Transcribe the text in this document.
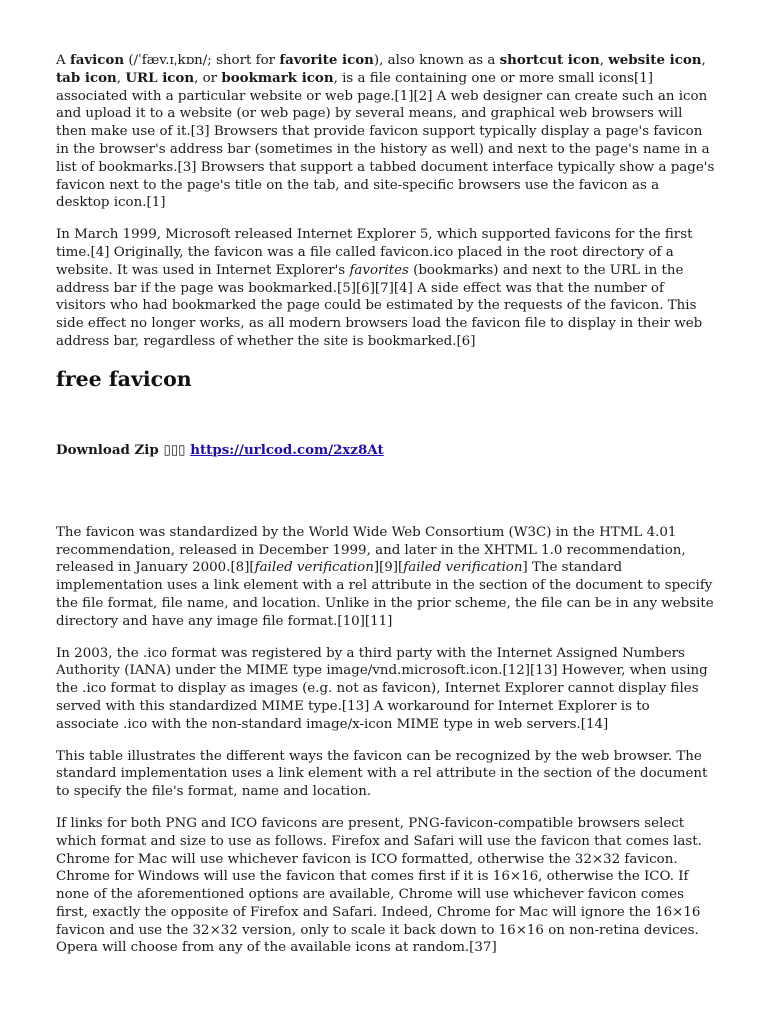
A favicon (/ˈfæv.ɪˌkɒn/; short for favorite icon), also known as a shortcut icon, website icon, tab icon, URL icon, or bookmark icon, is a file containing one or more small icons[1] associated with a particular website or web page.[1][2] A web designer can create such an icon and upload it to a website (or web page) by several means, and graphical web browsers will then make use of it.[3] Browsers that provide favicon support typically display a page's favicon in the browser's address bar (sometimes in the history as well) and next to the page's name in a list of bookmarks.[3] Browsers that support a tabbed document interface typically show a page's favicon next to the page's title on the tab, and site-specific browsers use the favicon as a desktop icon.[1]

In March 1999, Microsoft released Internet Explorer 5, which supported favicons for the first time.[4] Originally, the favicon was a file called favicon.ico placed in the root directory of a website. It was used in Internet Explorer's favorites (bookmarks) and next to the URL in the address bar if the page was bookmarked.[5][6][7][4] A side effect was that the number of visitors who had bookmarked the page could be estimated by the requests of the favicon. This side effect no longer works, as all modern browsers load the favicon file to display in their web address bar, regardless of whether the site is bookmarked.[6]

free favicon
Download Zip ▯▯▯ https://urlcod.com/2xz8At

The favicon was standardized by the World Wide Web Consortium (W3C) in the HTML 4.01 recommendation, released in December 1999, and later in the XHTML 1.0 recommendation, released in January 2000.[8][failed verification][9][failed verification] The standard implementation uses a link element with a rel attribute in the section of the document to specify the file format, file name, and location. Unlike in the prior scheme, the file can be in any website directory and have any image file format.[10][11]

In 2003, the .ico format was registered by a third party with the Internet Assigned Numbers Authority (IANA) under the MIME type image/vnd.microsoft.icon.[12][13] However, when using the .ico format to display as images (e.g. not as favicon), Internet Explorer cannot display files served with this standardized MIME type.[13] A workaround for Internet Explorer is to associate .ico with the non-standard image/x-icon MIME type in web servers.[14]

This table illustrates the different ways the favicon can be recognized by the web browser. The standard implementation uses a link element with a rel attribute in the section of the document to specify the file's format, name and location.

If links for both PNG and ICO favicons are present, PNG-favicon-compatible browsers select which format and size to use as follows. Firefox and Safari will use the favicon that comes last. Chrome for Mac will use whichever favicon is ICO formatted, otherwise the 32×32 favicon. Chrome for Windows will use the favicon that comes first if it is 16×16, otherwise the ICO. If none of the aforementioned options are available, Chrome will use whichever favicon comes first, exactly the opposite of Firefox and Safari. Indeed, Chrome for Mac will ignore the 16×16 favicon and use the 32×32 version, only to scale it back down to 16×16 on non-retina devices. Opera will choose from any of the available icons at random.[37]
